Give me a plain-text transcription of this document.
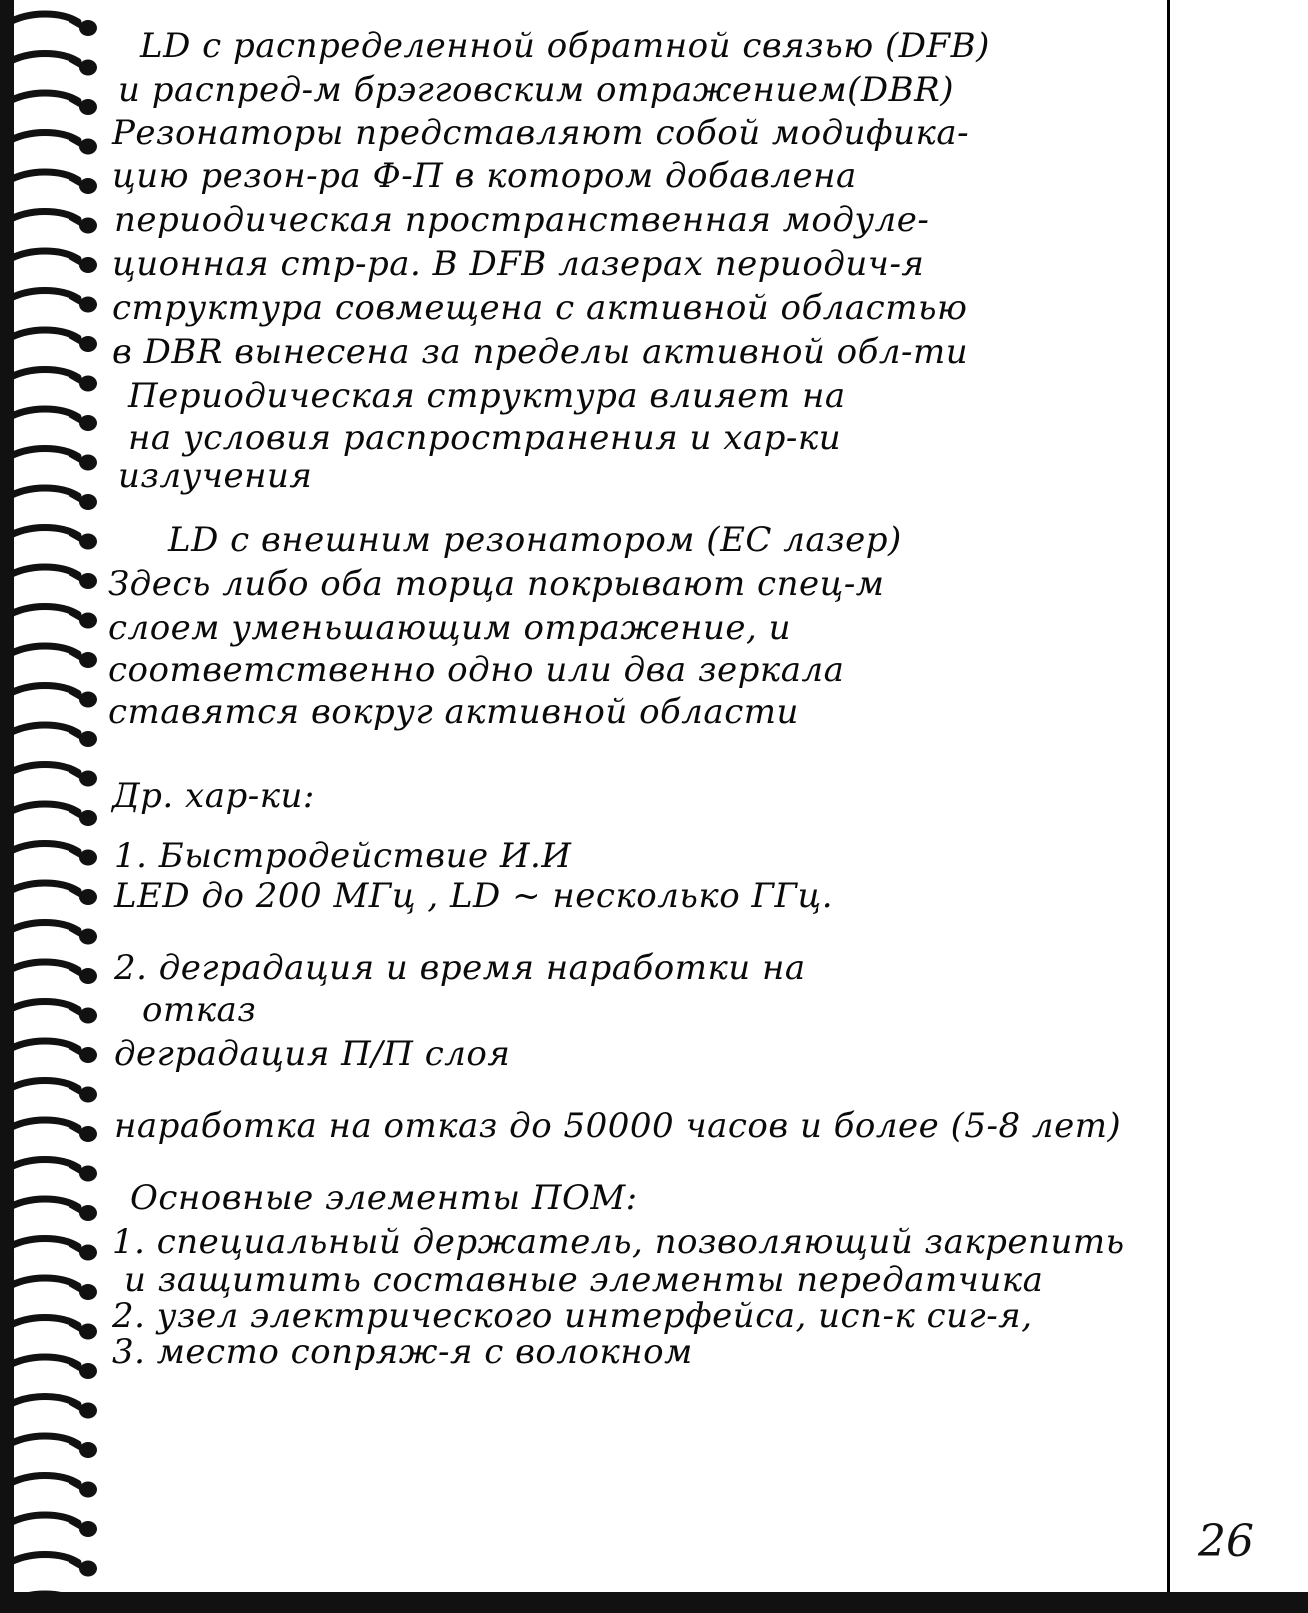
LD с распределенной обратной связью (DFB)
и распред-м брэгговским отражением(DBR)
Резонаторы представляют собой модифика-
цию резон-ра Ф-П в котором добавлена
периодическая пространственная модуле-
ционная стр-ра. В DFB лазерах периодич-я
структура совмещена с активной областью
в DBR вынесена за пределы активной обл-ти
Периодическая структура влияет на
на условия распространения и хар-ки
излучения
LD с внешним резонатором (EC лазер)
Здесь либо оба торца покрывают спец-м
слоем уменьшающим отражение, и
соответственно одно или два зеркала
ставятся вокруг активной области
Др. хар-ки:
1. Быстродействие И.И
LED до 200 МГц , LD ~ несколько ГГц.
2. деградация и время наработки на
отказ
деградация П/П слоя
наработка на отказ до 50000 часов и более (5-8 лет)
Основные элементы ПОМ:
1. специальный держатель, позволяющий закрепить
и защитить составные элементы передатчика
2. узел электрического интерфейса, исп-к сиг-я,
3. место сопряж-я с волокном
26
